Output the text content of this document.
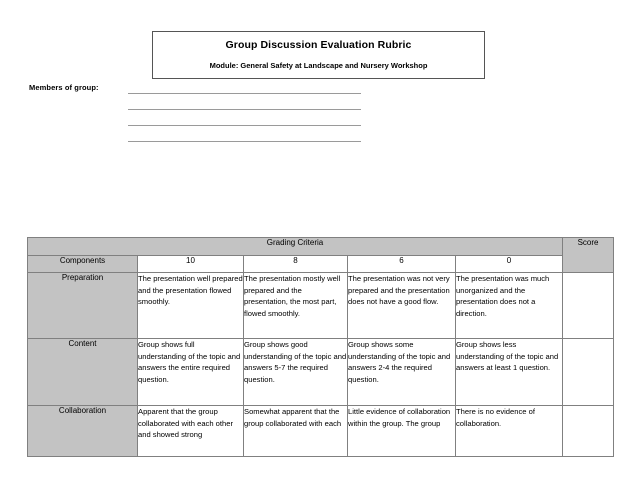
Group Discussion Evaluation Rubric
Module: General Safety at Landscape and Nursery Workshop
Members of group:
Grading Criteria					Score
Components	10	8	6	0	
Preparation	The presentation well prepared and the presentation flowed smoothly.	The presentation mostly well prepared and the presentation, the most part, flowed smoothly.	The presentation was not very prepared and the presentation does not have a good flow.	The presentation was much unorganized and the presentation does not a direction.	
Content	Group shows full understanding of the topic and answers the entire required question.	Group shows good understanding of the topic and answers 5-7 the required question.	Group shows some understanding of the topic and answers 2-4 the required question.	Group shows less understanding of the topic and answers at least 1 question.	
Collaboration	Apparent that the group collaborated with each other and showed strong	Somewhat apparent that the group collaborated with each	Little evidence of collaboration within the group. The group	There is no evidence of collaboration.	
